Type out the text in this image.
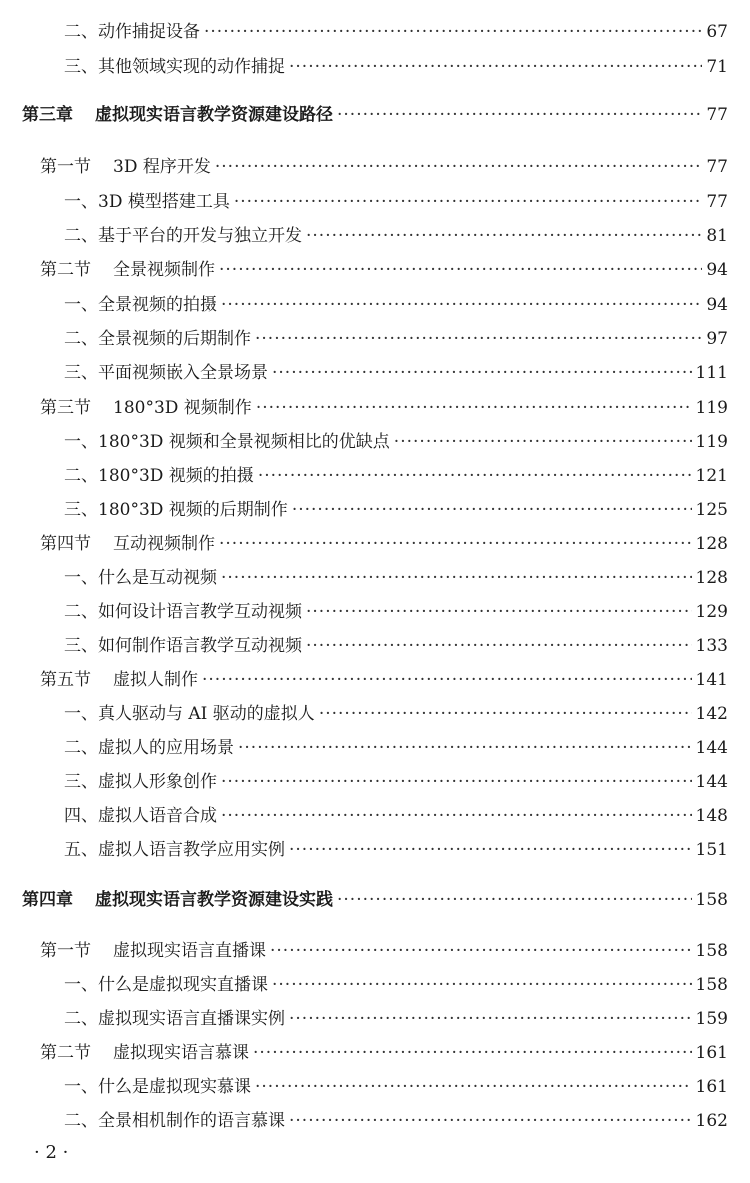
二、动作捕捉设备 ·····	67
三、其他领域实现的动作捕捉 ·····	71
第三章 虚拟现实语言教学资源建设路径 ·····	77
第一节 3D 程序开发 ·····	77
一、3D 模型搭建工具 ·····	77
二、基于平台的开发与独立开发 ·····	81
第二节 全景视频制作 ·····	94
一、全景视频的拍摄 ·····	94
二、全景视频的后期制作 ·····	97
三、平面视频嵌入全景场景 ·····	111
第三节 180°3D 视频制作 ·····	119
一、180°3D 视频和全景视频相比的优缺点 ·····	119
二、180°3D 视频的拍摄 ·····	121
三、180°3D 视频的后期制作 ·····	125
第四节 互动视频制作 ·····	128
一、什么是互动视频 ·····	128
二、如何设计语言教学互动视频 ·····	129
三、如何制作语言教学互动视频 ·····	133
第五节 虚拟人制作 ·····	141
一、真人驱动与 AI 驱动的虚拟人 ·····	142
二、虚拟人的应用场景 ·····	144
三、虚拟人形象创作 ·····	144
四、虚拟人语音合成 ·····	148
五、虚拟人语言教学应用实例 ·····	151
第四章 虚拟现实语言教学资源建设实践 ·····	158
第一节 虚拟现实语言直播课 ·····	158
一、什么是虚拟现实直播课 ·····	158
二、虚拟现实语言直播课实例 ·····	159
第二节 虚拟现实语言慕课 ·····	161
一、什么是虚拟现实慕课 ·····	161
二、全景相机制作的语言慕课 ·····	162
· 2 ·
